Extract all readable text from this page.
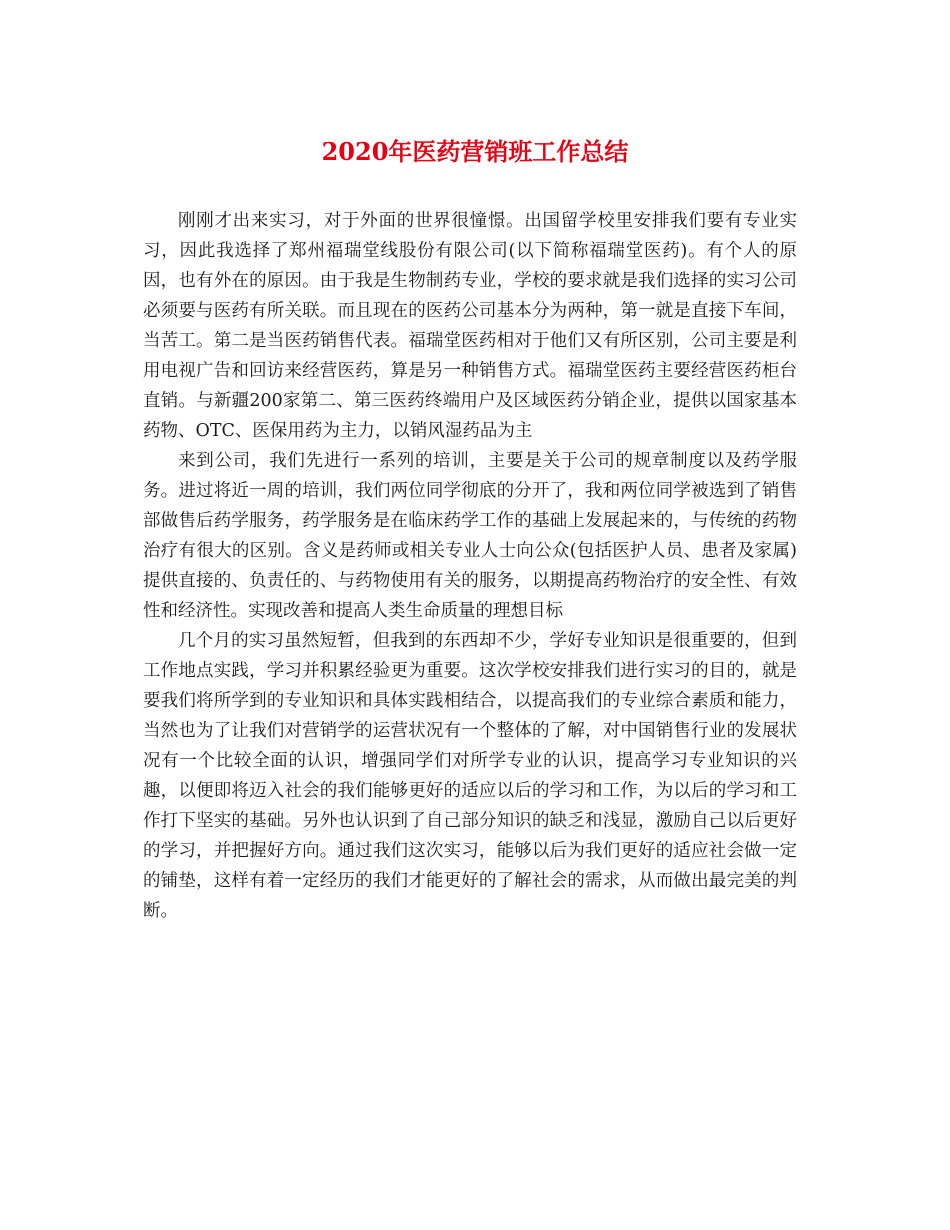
2020年医药营销班工作总结

刚刚才出来实习，对于外面的世界很憧憬。出国留学校里安排我们要有专业实习，因此我选择了郑州福瑞堂线股份有限公司(以下简称福瑞堂医药)。有个人的原因，也有外在的原因。由于我是生物制药专业，学校的要求就是我们选择的实习公司必须要与医药有所关联。而且现在的医药公司基本分为两种，第一就是直接下车间，当苦工。第二是当医药销售代表。福瑞堂医药相对于他们又有所区别，公司主要是利用电视广告和回访来经营医药，算是另一种销售方式。福瑞堂医药主要经营医药柜台直销。与新疆200家第二、第三医药终端用户及区域医药分销企业，提供以国家基本药物、OTC、医保用药为主力，以销风湿药品为主

来到公司，我们先进行一系列的培训，主要是关于公司的规章制度以及药学服务。进过将近一周的培训，我们两位同学彻底的分开了，我和两位同学被选到了销售部做售后药学服务，药学服务是在临床药学工作的基础上发展起来的，与传统的药物治疗有很大的区别。含义是药师或相关专业人士向公众(包括医护人员、患者及家属)提供直接的、负责任的、与药物使用有关的服务，以期提高药物治疗的安全性、有效性和经济性。实现改善和提高人类生命质量的理想目标

几个月的实习虽然短暂，但我到的东西却不少，学好专业知识是很重要的，但到工作地点实践，学习并积累经验更为重要。这次学校安排我们进行实习的目的，就是要我们将所学到的专业知识和具体实践相结合，以提高我们的专业综合素质和能力，当然也为了让我们对营销学的运营状况有一个整体的了解，对中国销售行业的发展状况有一个比较全面的认识，增强同学们对所学专业的认识，提高学习专业知识的兴趣，以便即将迈入社会的我们能够更好的适应以后的学习和工作，为以后的学习和工作打下坚实的基础。另外也认识到了自己部分知识的缺乏和浅显，激励自己以后更好的学习，并把握好方向。通过我们这次实习，能够以后为我们更好的适应社会做一定的铺垫，这样有着一定经历的我们才能更好的了解社会的需求，从而做出最完美的判断。
